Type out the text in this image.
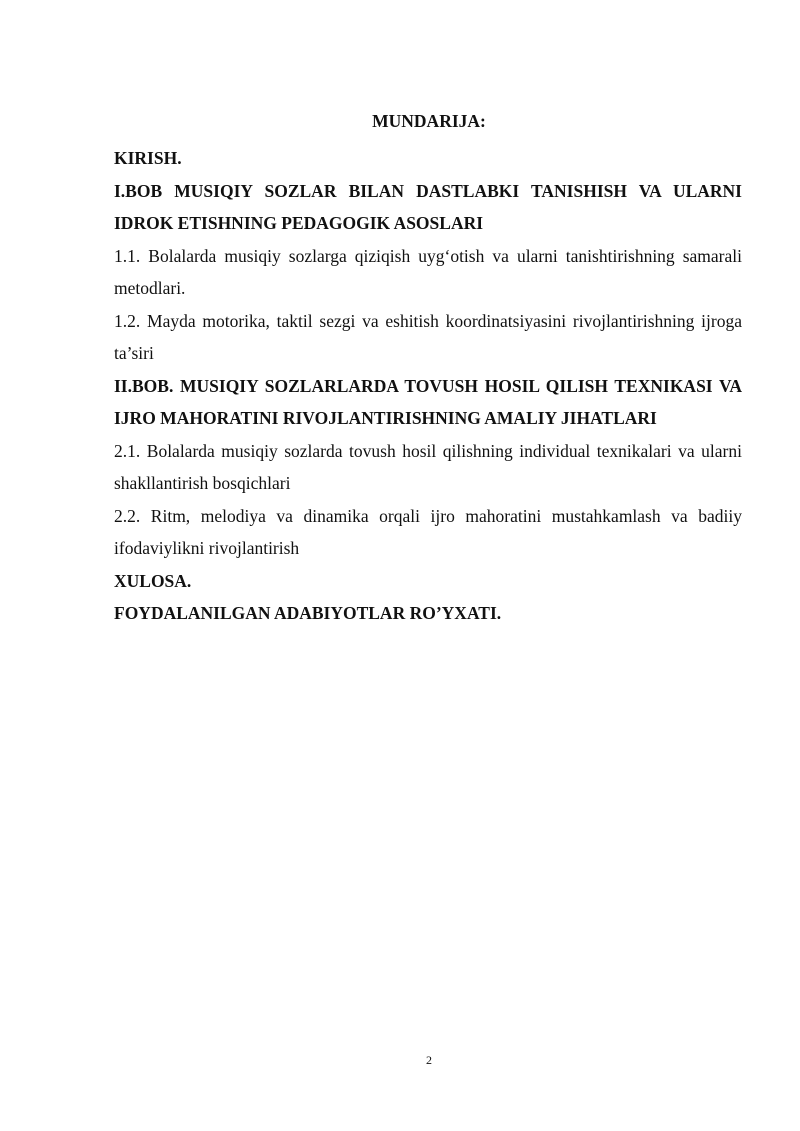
MUNDARIJA:

KIRISH.

I.BOB MUSIQIY SOZLAR BILAN DASTLABKI TANISHISH VA ULARNI IDROK ETISHNING PEDAGOGIK ASOSLARI

1.1. Bolalarda musiqiy sozlarga qiziqish uyg‘otish va ularni tanishtirishning samarali metodlari.

1.2. Mayda motorika, taktil sezgi va eshitish koordinatsiyasini rivojlantirishning ijroga ta’siri

II.BOB. MUSIQIY SOZLARLARDA TOVUSH HOSIL QILISH TEXNIKASI VA IJRO MAHORATINI RIVOJLANTIRISHNING AMALIY JIHATLARI

2.1. Bolalarda musiqiy sozlarda tovush hosil qilishning individual texnikalari va ularni shakllantirish bosqichlari

2.2. Ritm, melodiya va dinamika orqali ijro mahoratini mustahkamlash va badiiy ifodaviylikni rivojlantirish

XULOSA.

FOYDALANILGAN ADABIYOTLAR RO’YXATI.

2
